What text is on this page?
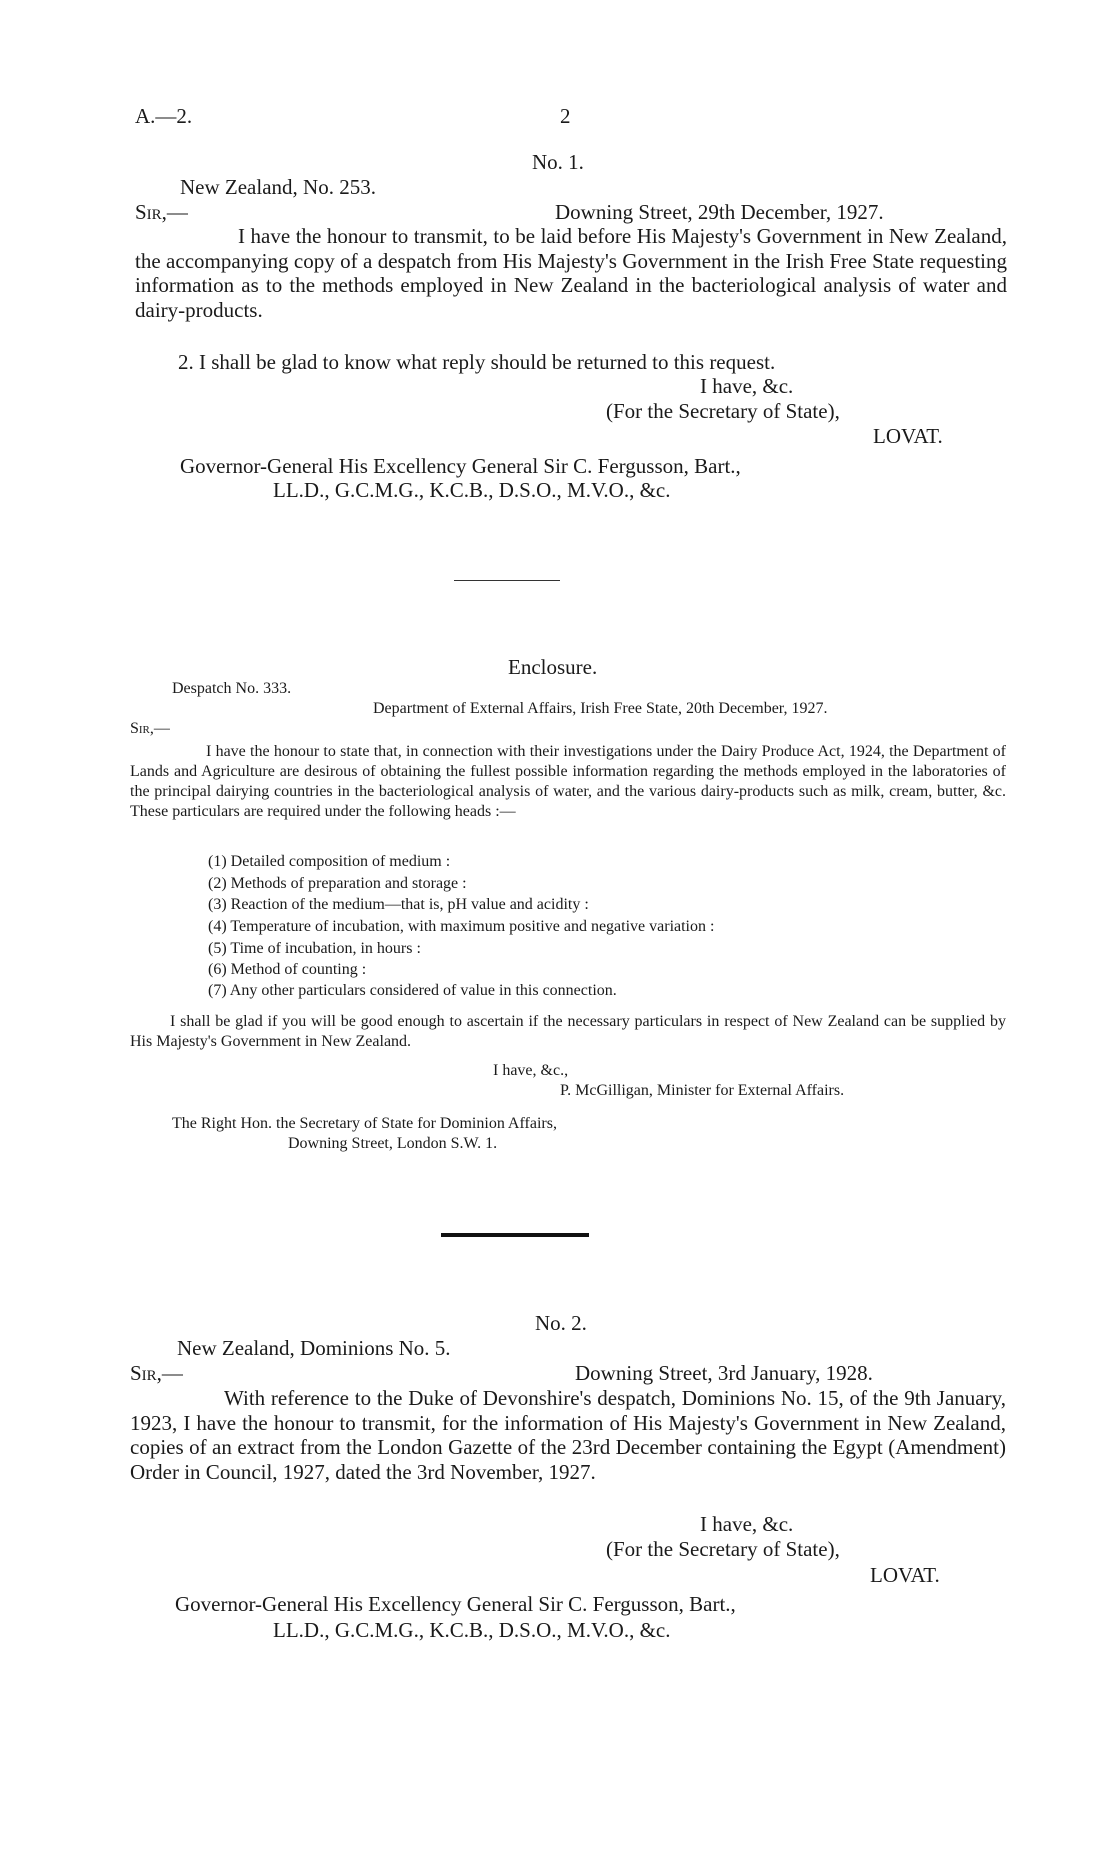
A.—2.	2
No. 1.
New Zealand, No. 253.
Sir,—	Downing Street, 29th December, 1927.
I have the honour to transmit, to be laid before His Majesty's Government in New Zealand, the accompanying copy of a despatch from His Majesty's Government in the Irish Free State requesting information as to the methods employed in New Zealand in the bacteriological analysis of water and dairy-products.
2. I shall be glad to know what reply should be returned to this request.
I have, &c.
(For the Secretary of State),
LOVAT.
Governor-General His Excellency General Sir C. Fergusson, Bart.,
LL.D., G.C.M.G., K.C.B., D.S.O., M.V.O., &c.
Enclosure.
Despatch No. 333.
Department of External Affairs, Irish Free State, 20th December, 1927.
Sir,—
I have the honour to state that, in connection with their investigations under the Dairy Produce Act, 1924, the Department of Lands and Agriculture are desirous of obtaining the fullest possible information regarding the methods employed in the laboratories of the principal dairying countries in the bacteriological analysis of water, and the various dairy-products such as milk, cream, butter, &c. These particulars are required under the following heads :—
(1) Detailed composition of medium :
(2) Methods of preparation and storage :
(3) Reaction of the medium—that is, pH value and acidity :
(4) Temperature of incubation, with maximum positive and negative variation :
(5) Time of incubation, in hours :
(6) Method of counting :
(7) Any other particulars considered of value in this connection.
I shall be glad if you will be good enough to ascertain if the necessary particulars in respect of New Zealand can be supplied by His Majesty's Government in New Zealand.
I have, &c.,
P. McGilligan, Minister for External Affairs.
The Right Hon. the Secretary of State for Dominion Affairs,
Downing Street, London S.W. 1.
No. 2.
New Zealand, Dominions No. 5.
Sir,—	Downing Street, 3rd January, 1928.
With reference to the Duke of Devonshire's despatch, Dominions No. 15, of the 9th January, 1923, I have the honour to transmit, for the information of His Majesty's Government in New Zealand, copies of an extract from the London Gazette of the 23rd December containing the Egypt (Amendment) Order in Council, 1927, dated the 3rd November, 1927.
I have, &c.
(For the Secretary of State),
LOVAT.
Governor-General His Excellency General Sir C. Fergusson, Bart.,
LL.D., G.C.M.G., K.C.B., D.S.O., M.V.O., &c.
